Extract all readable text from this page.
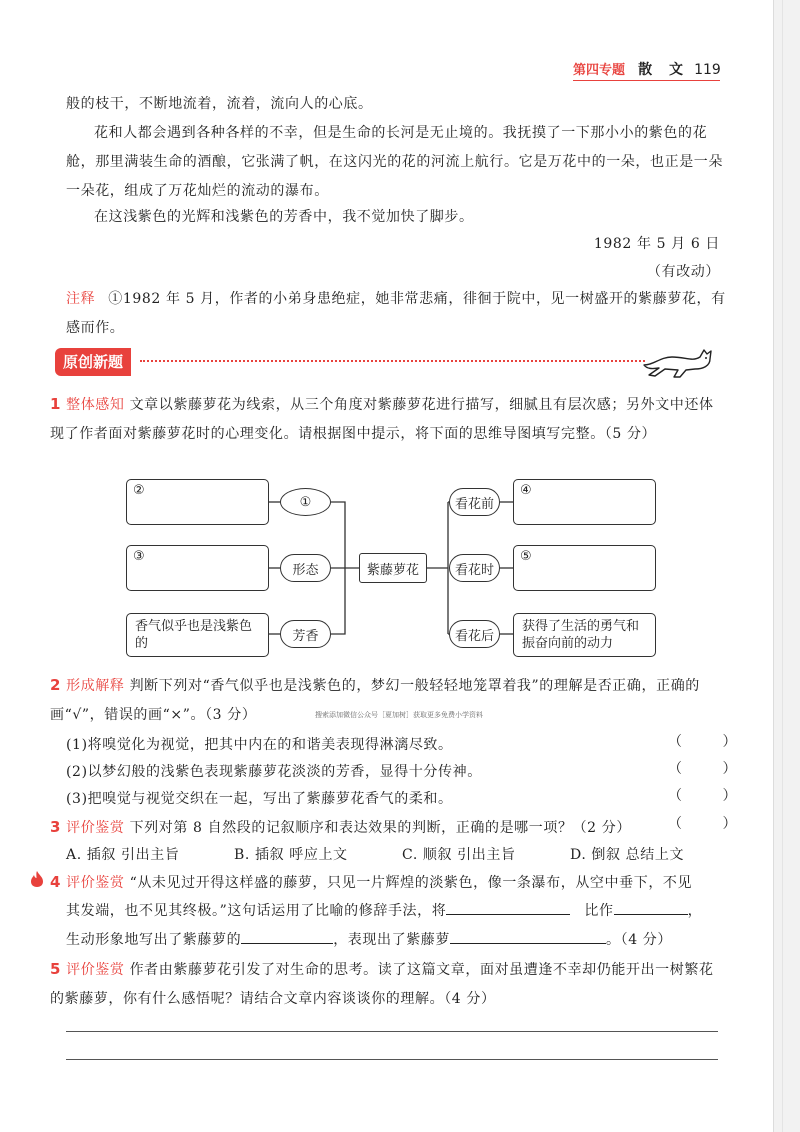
第四专题 散 文 119
般的枝干，不断地流着，流着，流向人的心底。
花和人都会遇到各种各样的不幸，但是生命的长河是无止境的。我抚摸了一下那小小的紫色的花舱，那里满装生命的酒酿，它张满了帆，在这闪光的花的河流上航行。它是万花中的一朵，也正是一朵一朵花，组成了万花灿烂的流动的瀑布。
在这浅紫色的光辉和浅紫色的芳香中，我不觉加快了脚步。
1982 年 5 月 6 日
（有改动）
注释 ①1982 年 5 月，作者的小弟身患绝症，她非常悲痛，徘徊于院中，见一树盛开的紫藤萝花，有感而作。
原创新题
1 整体感知 文章以紫藤萝花为线索，从三个角度对紫藤萝花进行描写，细腻且有层次感；另外文中还体现了作者面对紫藤萝花时的心理变化。请根据图中提示，将下面的思维导图填写完整。（5 分）
②
③
香气似乎也是浅紫色的
①
形态
芳香
紫藤萝花
看花前
看花时
看花后
④
⑤
获得了生活的勇气和振奋向前的动力
2 形成解释 判断下列对“香气似乎也是浅紫色的，梦幻一般轻轻地笼罩着我”的理解是否正确，正确的画“√”，错误的画“×”。（3 分）	搜索添加微信公众号［夏加树］获取更多免费小学资料
(1)将嗅觉化为视觉，把其中内在的和谐美表现得淋漓尽致。	（ ）
(2)以梦幻般的浅紫色表现紫藤萝花淡淡的芳香，显得十分传神。	（ ）
(3)把嗅觉与视觉交织在一起，写出了紫藤萝花香气的柔和。	（ ）
3 评价鉴赏 下列对第 8 自然段的记叙顺序和表达效果的判断，正确的是哪一项？（2 分）	（ ）
A. 插叙 引出主旨	B. 插叙 呼应上文	C. 顺叙 引出主旨	D. 倒叙 总结上文
4 评价鉴赏 “从未见过开得这样盛的藤萝，只见一片辉煌的淡紫色，像一条瀑布，从空中垂下，不见
其发端，也不见其终极。”这句话运用了比喻的修辞手法，将	比作	，
生动形象地写出了紫藤萝的	，表现出了紫藤萝	。（4 分）
5 评价鉴赏 作者由紫藤萝花引发了对生命的思考。读了这篇文章，面对虽遭逢不幸却仍能开出一树繁花的紫藤萝，你有什么感悟呢？请结合文章内容谈谈你的理解。（4 分）
